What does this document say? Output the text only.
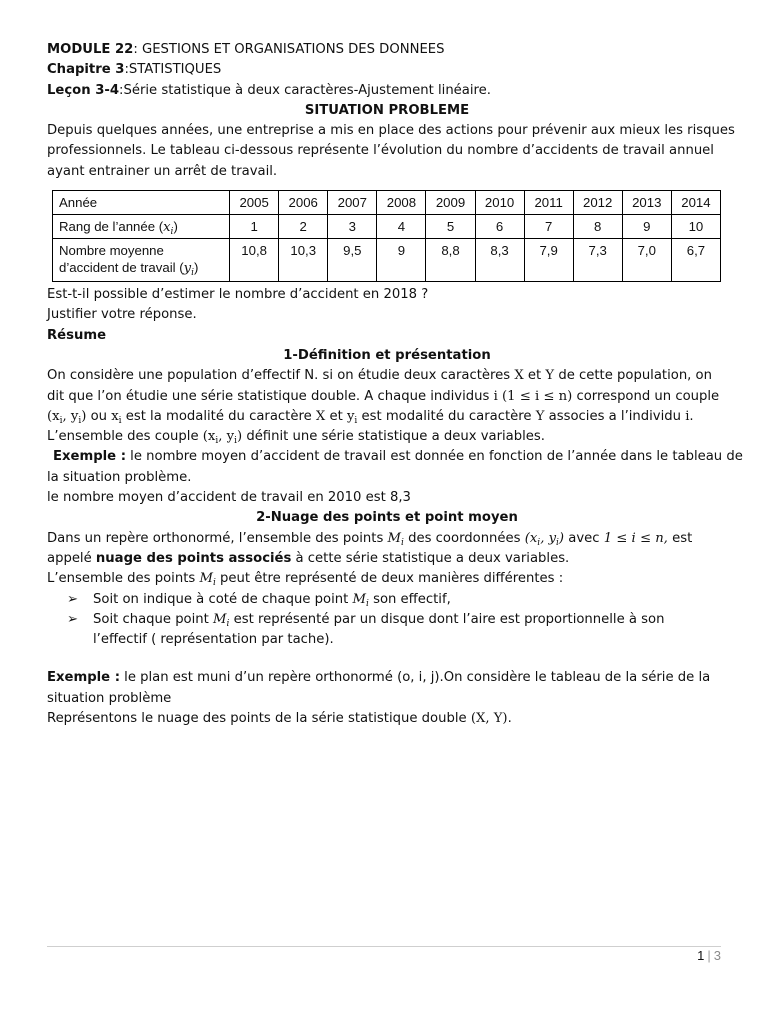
MODULE 22: GESTIONS ET ORGANISATIONS DES DONNEES
Chapitre 3:STATISTIQUES
Leçon 3-4:Série statistique à deux caractères-Ajustement linéaire.
SITUATION PROBLEME
Depuis quelques années, une entreprise a mis en place des actions pour prévenir aux mieux les risques
professionnels. Le tableau ci-dessous représente l’évolution du nombre d’accidents de travail annuel
ayant entrainer un arrêt de travail.
Année	2005	2006	2007	2008	2009	2010	2011	2012	2013	2014
Rang de l’année $(x_i)$	1	2	3	4	5	6	7	8	9	10
Nombre moyenne
d’accident de travail $(y_i)$	10,8	10,3	9,5	9	8,8	8,3	7,9	7,3	7,0	6,7
Est-t-il possible d’estimer le nombre d’accident en 2018 ?
Justifier votre réponse.
Résume
1-Définition et présentation
On considère une population d’effectif N. si on étudie deux caractères X et Y de cette population, on
dit que l’on étudie une série statistique double. A chaque individus i (1 ≤ i ≤ n) correspond un couple
($x_i$, $y_i$) ou $x_i$ est la modalité du caractère X et $y_i$ est modalité du caractère Y associes a l’individu i.
L’ensemble des couple ($x_i$, $y_i$) définit une série statistique a deux variables.
Exemple : le nombre moyen d’accident de travail est donnée en fonction de l’année dans le tableau de
la situation problème.
le nombre moyen d’accident de travail en 2010 est 8,3
2-Nuage des points et point moyen
Dans un repère orthonormé, l’ensemble des points $M_i$ des coordonnées ($x_i$, $y_i$) avec 1 ≤ i ≤ n, est
appelé nuage des points associés à cette série statistique a deux variables.
L’ensemble des points $M_i$ peut être représenté de deux manières différentes :
➢ Soit on indique à coté de chaque point $M_i$ son effectif,
➢ Soit chaque point $M_i$ est représenté par un disque dont l’aire est proportionnelle à son
l’effectif ( représentation par tache).
Exemple : le plan est muni d’un repère orthonormé (o, i, j).On considère le tableau de la série de la
situation problème
Représentons le nuage des points de la série statistique double (X, Y).
1 | 3
